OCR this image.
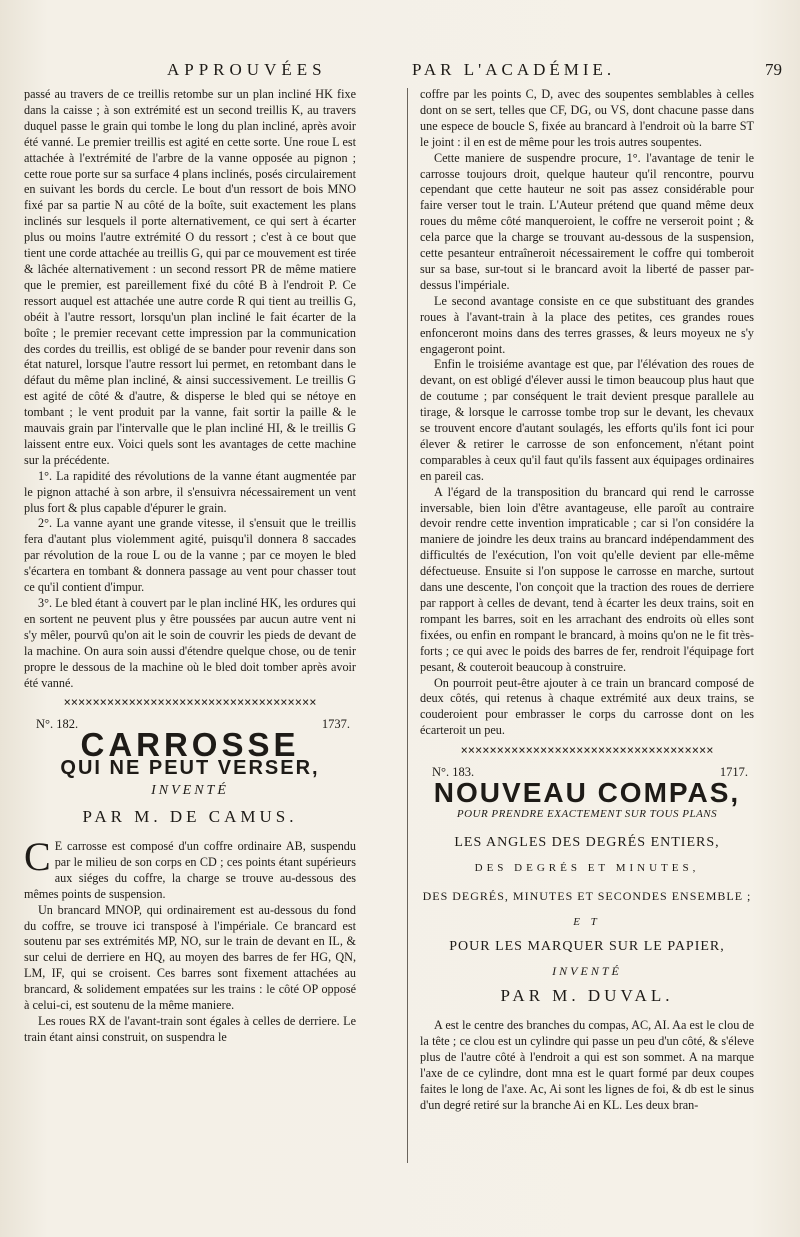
APPROUVÉES	PAR L'ACADÉMIE.	79

passé au travers de ce treillis retombe sur un plan incliné HK fixe dans la caisse ; à son extrémité est un second treillis K, au travers duquel passe le grain qui tombe le long du plan incliné, après avoir été vanné. Le premier treillis est agité en cette sorte. Une roue L est attachée à l'extrémité de l'arbre de la vanne opposée au pignon ; cette roue porte sur sa surface 4 plans inclinés, posés circulairement en suivant les bords du cercle. Le bout d'un ressort de bois MNO fixé par sa partie N au côté de la boîte, suit exactement les plans inclinés sur lesquels il porte alternativement, ce qui sert à écarter plus ou moins l'autre extrémité O du ressort ; c'est à ce bout que tient une corde attachée au treillis G, qui par ce mouvement est tirée & lâchée alternativement : un second ressort PR de même matiere que le premier, est pareillement fixé du côté B à l'endroit P. Ce ressort auquel est attachée une autre corde R qui tient au treillis G, obéit à l'autre ressort, lorsqu'un plan incliné le fait écarter de la boîte ; le premier recevant cette impression par la communication des cordes du treillis, est obligé de se bander pour revenir dans son état naturel, lorsque l'autre ressort lui permet, en retombant dans le défaut du même plan incliné, & ainsi successivement. Le treillis G est agité de côté & d'autre, & disperse le bled qui se nétoye en tombant ; le vent produit par la vanne, fait sortir la paille & le mauvais grain par l'intervalle que le plan incliné HI, & le treillis G laissent entre eux. Voici quels sont les avantages de cette machine sur la précédente.

1°. La rapidité des révolutions de la vanne étant augmentée par le pignon attaché à son arbre, il s'ensuivra nécessairement un vent plus fort & plus capable d'épurer le grain.

2°. La vanne ayant une grande vitesse, il s'ensuit que le treillis fera d'autant plus violemment agité, puisqu'il donnera 8 saccades par révolution de la roue L ou de la vanne ; par ce moyen le bled s'écartera en tombant & donnera passage au vent pour chasser tout ce qu'il contient d'impur.

3°. Le bled étant à couvert par le plan incliné HK, les ordures qui en sortent ne peuvent plus y être poussées par aucun autre vent ni s'y mêler, pourvû qu'on ait le soin de couvrir les pieds de devant de la machine. On aura soin aussi d'étendre quelque chose, ou de tenir propre le dessous de la machine où le bled doit tomber après avoir été vanné.

×××××××××××××××××××××××××××××××××××
N°. 182.	1737.
CARROSSE
QUI NE PEUT VERSER,
INVENTÉ
PAR M. DE CAMUS.

C E carrosse est composé d'un coffre ordinaire AB, suspendu par le milieu de son corps en CD ; ces points étant supérieurs aux siéges du coffre, la charge se trouve au-dessous des mêmes points de suspension.

Un brancard MNOP, qui ordinairement est au-dessous du fond du coffre, se trouve ici transposé à l'impériale. Ce brancard est soutenu par ses extrémités MP, NO, sur le train de devant en IL, & sur celui de derriere en HQ, au moyen des barres de fer HG, QN, LM, IF, qui se croisent. Ces barres sont fixement attachées au brancard, & solidement empatées sur les trains : le côté OP opposé à celui-ci, est soutenu de la même maniere.

Les roues RX de l'avant-train sont égales à celles de derriere. Le train étant ainsi construit, on suspendra le

coffre par les points C, D, avec des soupentes semblables à celles dont on se sert, telles que CF, DG, ou VS, dont chacune passe dans une espece de boucle S, fixée au brancard à l'endroit où la barre ST le joint : il en est de même pour les trois autres soupentes.

Cette maniere de suspendre procure, 1°. l'avantage de tenir le carrosse toujours droit, quelque hauteur qu'il rencontre, pourvu cependant que cette hauteur ne soit pas assez considérable pour faire verser tout le train. L'Auteur prétend que quand même deux roues du même côté manqueroient, le coffre ne verseroit point ; & cela parce que la charge se trouvant au-dessous de la suspension, cette pesanteur entraîneroit nécessairement le coffre qui tomberoit sur sa base, sur-tout si le brancard avoit la liberté de passer par-dessus l'impériale.

Le second avantage consiste en ce que substituant des grandes roues à l'avant-train à la place des petites, ces grandes roues enfonceront moins dans des terres grasses, & leurs moyeux ne s'y engageront point.

Enfin le troisiéme avantage est que, par l'élévation des roues de devant, on est obligé d'élever aussi le timon beaucoup plus haut que de coutume ; par conséquent le trait devient presque parallele au tirage, & lorsque le carrosse tombe trop sur le devant, les chevaux se trouvent encore d'autant soulagés, les efforts qu'ils font ici pour élever & retirer le carrosse de son enfoncement, n'étant point comparables à ceux qu'il faut qu'ils fassent aux équipages ordinaires en pareil cas.

A l'égard de la transposition du brancard qui rend le carrosse inversable, bien loin d'être avantageuse, elle paroît au contraire devoir rendre cette invention impraticable ; car si l'on considére la maniere de joindre les deux trains au brancard indépendamment des difficultés de l'exécution, l'on voit qu'elle devient par elle-même défectueuse. Ensuite si l'on suppose le carrosse en marche, surtout dans une descente, l'on conçoit que la traction des roues de derriere par rapport à celles de devant, tend à écarter les deux trains, soit en rompant les barres, soit en les arrachant des endroits où elles sont fixées, ou enfin en rompant le brancard, à moins qu'on ne le fit très-forts ; ce qui avec le poids des barres de fer, rendroit l'équipage fort pesant, & couteroit beaucoup à construire.

On pourroit peut-être ajouter à ce train un brancard composé de deux côtés, qui retenus à chaque extrémité aux deux trains, se couderoient pour embrasser le corps du carrosse dont on les écarteroit un peu.

×××××××××××××××××××××××××××××××××××
N°. 183.	1717.
NOUVEAU COMPAS,
POUR PRENDRE EXACTEMENT SUR TOUS PLANS
LES ANGLES DES DEGRÉS ENTIERS,
DES DEGRÉS ET MINUTES,
DES DEGRÉS, MINUTES ET SECONDES ENSEMBLE ;
E T
POUR LES MARQUER SUR LE PAPIER,
INVENTÉ
PAR M. DUVAL.

A est le centre des branches du compas, AC, AI. Aa est le clou de la tête ; ce clou est un cylindre qui passe un peu d'un côté, & s'éleve plus de l'autre côté à l'endroit a qui est son sommet. A na marque l'axe de ce cylindre, dont mna est le quart formé par deux coupes faites le long de l'axe. Ac, Ai sont les lignes de foi, & db est le sinus d'un degré retiré sur la branche Ai en KL. Les deux bran-
